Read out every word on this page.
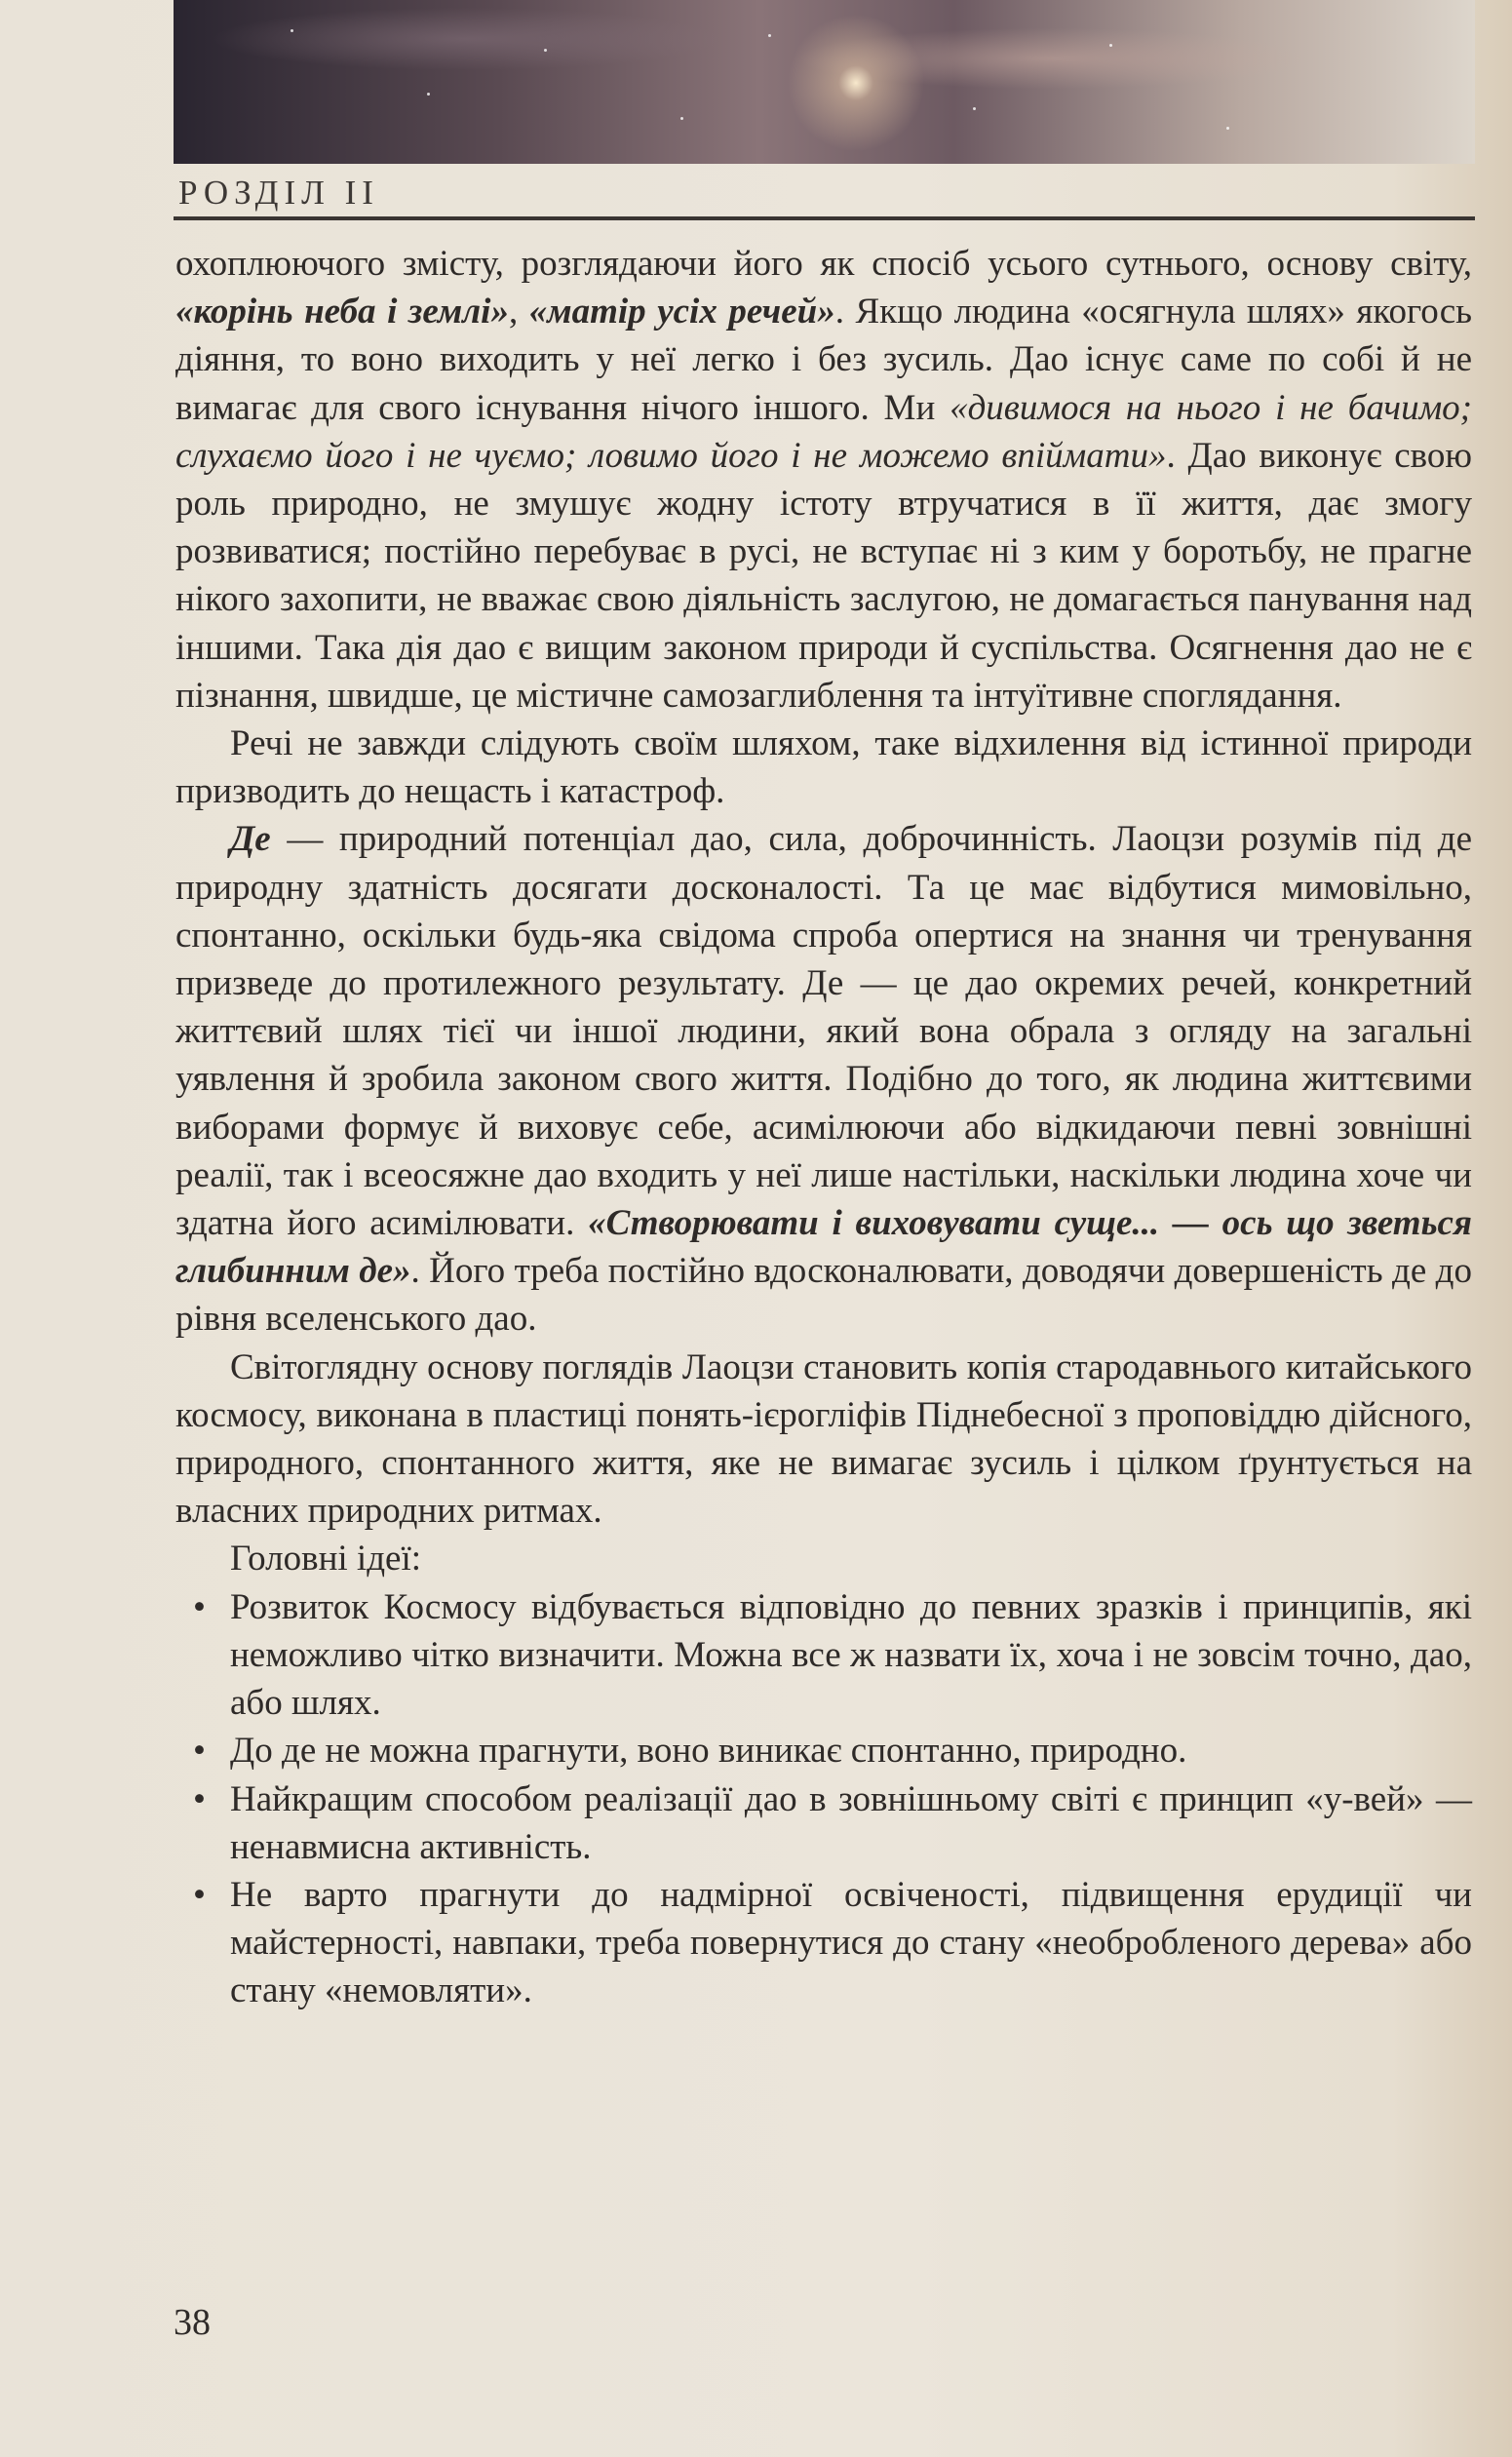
РОЗДІЛ II

охоплюючого змісту, розглядаючи його як спосіб усього сутнього, основу світу, «корінь неба і землі», «матір усіх речей». Якщо людина «осягнула шлях» якогось діяння, то воно виходить у неї легко і без зусиль. Дао існує саме по собі й не вимагає для свого існування нічого іншого. Ми «дивимося на нього і не бачимо; слухаємо його і не чуємо; ловимо його і не можемо впіймати». Дао виконує свою роль природно, не змушує жодну істоту втручатися в її життя, дає змогу розвиватися; постійно перебуває в русі, не вступає ні з ким у боротьбу, не прагне нікого захопити, не вважає свою діяльність заслугою, не домагається панування над іншими. Така дія дао є вищим законом природи й суспільства. Осягнення дао не є пізнання, швидше, це містичне самозаглиблення та інтуїтивне споглядання.

Речі не завжди слідують своїм шляхом, таке відхилення від істинної природи призводить до нещасть і катастроф.

Де — природний потенціал дао, сила, доброчинність. Лаоцзи розумів під де природну здатність досягати досконалості. Та це має відбутися мимовільно, спонтанно, оскільки будь-яка свідома спроба опертися на знання чи тренування призведе до протилежного результату. Де — це дао окремих речей, конкретний життєвий шлях тієї чи іншої людини, який вона обрала з огляду на загальні уявлення й зробила законом свого життя. Подібно до того, як людина життєвими виборами формує й виховує себе, асимілюючи або відкидаючи певні зовнішні реалії, так і всеосяжне дао входить у неї лише настільки, наскільки людина хоче чи здатна його асимілювати. «Створювати і виховувати суще... — ось що зветься глибинним де». Його треба постійно вдосконалювати, доводячи довершеність де до рівня вселенського дао.

Світоглядну основу поглядів Лаоцзи становить копія стародавнього китайського космосу, виконана в пластиці понять-ієрогліфів Піднебесної з проповіддю дійсного, природного, спонтанного життя, яке не вимагає зусиль і цілком ґрунтується на власних природних ритмах.

Головні ідеї:

• Розвиток Космосу відбувається відповідно до певних зразків і принципів, які неможливо чітко визначити. Можна все ж назвати їх, хоча і не зовсім точно, дао, або шлях.
• До де не можна прагнути, воно виникає спонтанно, природно.
• Найкращим способом реалізації дао в зовнішньому світі є принцип «у-вей» — ненавмисна активність.
• Не варто прагнути до надмірної освіченості, підвищення ерудиції чи майстерності, навпаки, треба повернутися до стану «необробленого дерева» або стану «немовляти».
38
